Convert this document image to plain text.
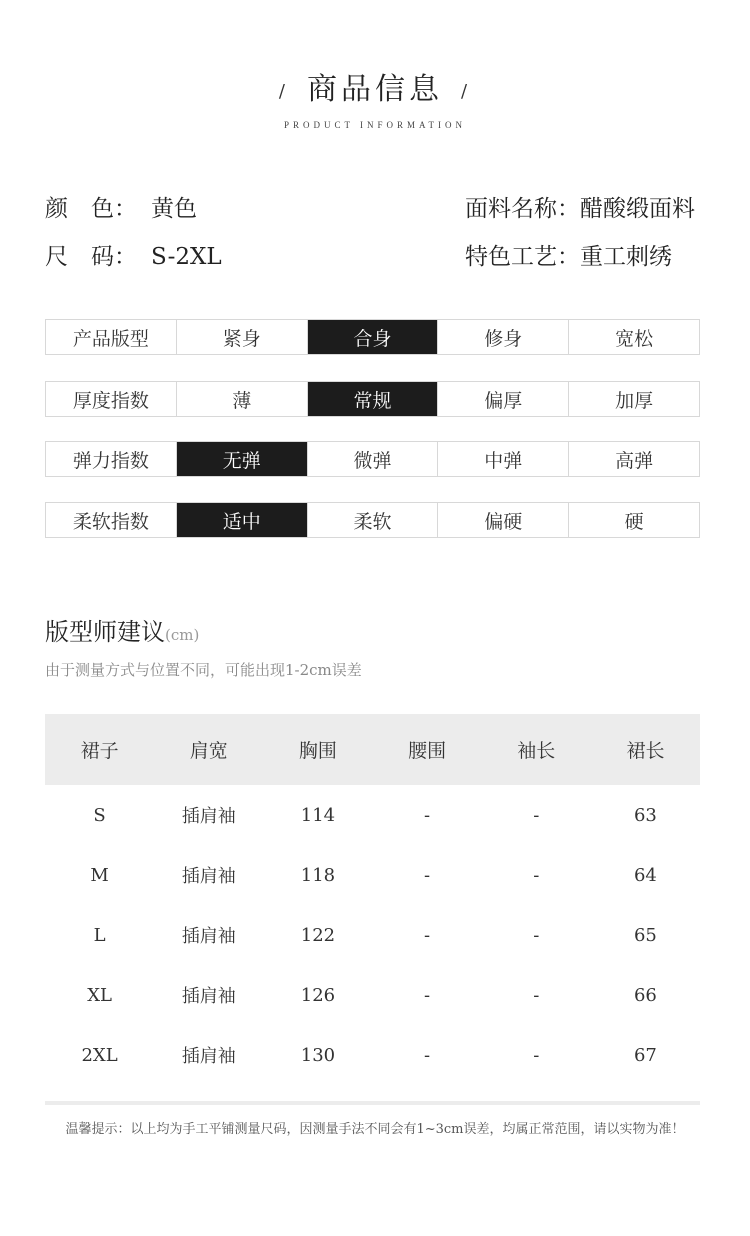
/ 商品信息 /
PRODUCT INFORMATION
颜　色： 黄色	面料名称：醋酸缎面料
尺　码： S-2XL	特色工艺：重工刺绣
产品版型	紧身	合身	修身	宽松
厚度指数	薄	常规	偏厚	加厚
弹力指数	无弹	微弹	中弹	高弹
柔软指数	适中	柔软	偏硬	硬
版型师建议(cm)
由于测量方式与位置不同，可能出现1-2cm误差
裙子	肩宽	胸围	腰围	袖长	裙长
S	插肩袖	114	-	-	63
M	插肩袖	118	-	-	64
L	插肩袖	122	-	-	65
XL	插肩袖	126	-	-	66
2XL	插肩袖	130	-	-	67
温馨提示：以上均为手工平铺测量尺码，因测量手法不同会有1~3cm误差，均属正常范围，请以实物为准！
